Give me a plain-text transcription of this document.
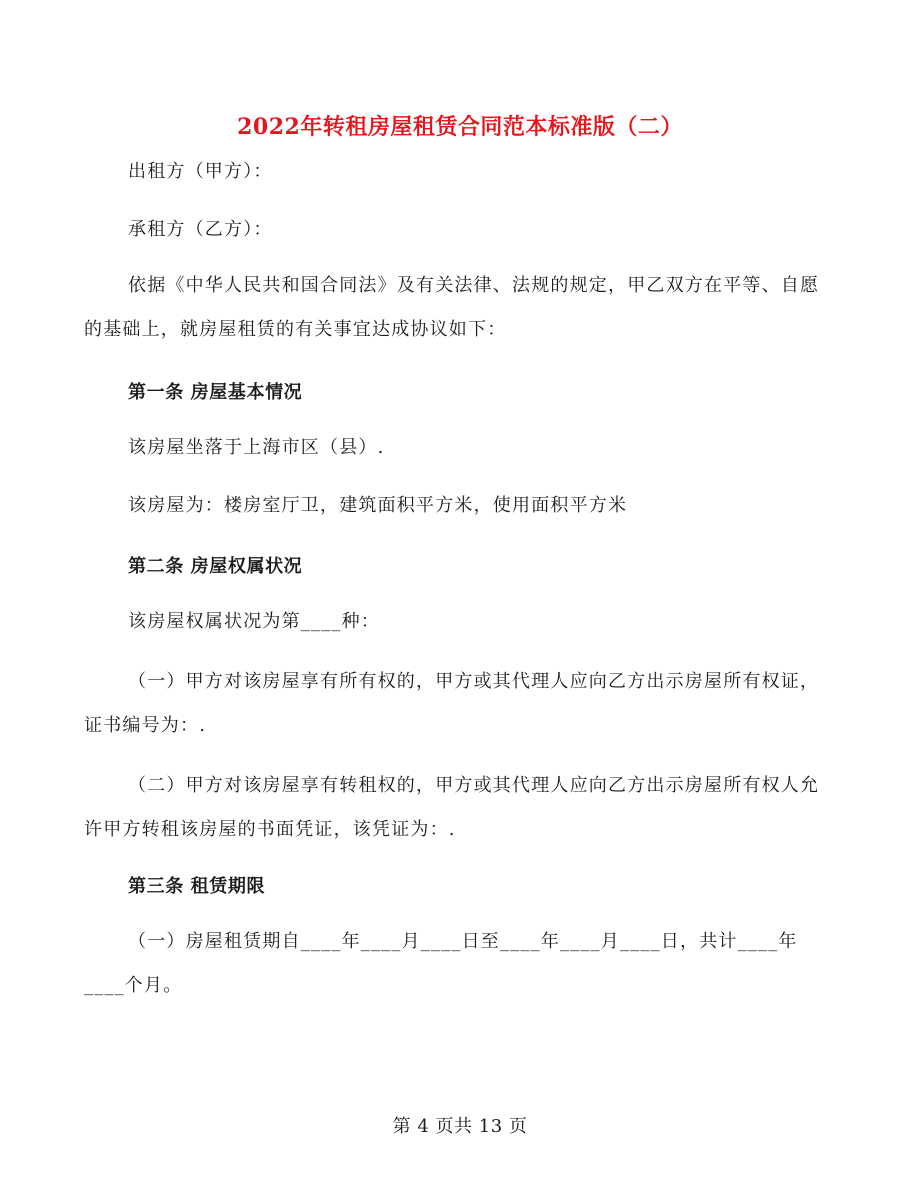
2022年转租房屋租赁合同范本标准版（二）
出租方（甲方）：
承租方（乙方）：
依据《中华人民共和国合同法》及有关法律、法规的规定，甲乙双方在平等、自愿的基础上，就房屋租赁的有关事宜达成协议如下：
第一条 房屋基本情况
该房屋坐落于上海市区（县）.
该房屋为：楼房室厅卫，建筑面积平方米，使用面积平方米
第二条 房屋权属状况
该房屋权属状况为第____种：
（一）甲方对该房屋享有所有权的，甲方或其代理人应向乙方出示房屋所有权证，证书编号为：.
（二）甲方对该房屋享有转租权的，甲方或其代理人应向乙方出示房屋所有权人允许甲方转租该房屋的书面凭证，该凭证为：.
第三条 租赁期限
（一）房屋租赁期自____年____月____日至____年____月____日，共计____年____个月。
第 4 页共 13 页
